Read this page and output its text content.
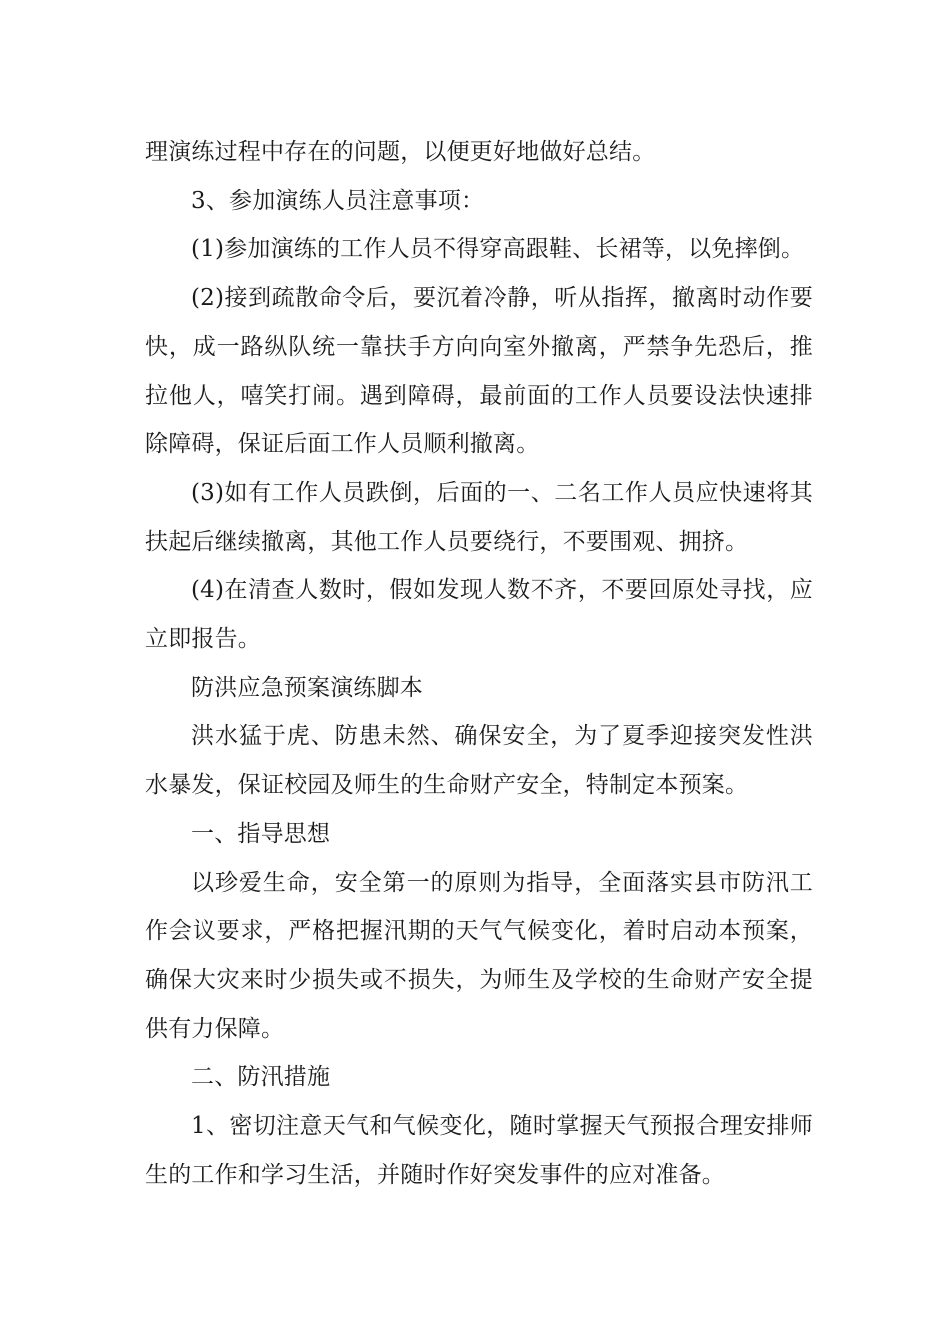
理演练过程中存在的问题，以便更好地做好总结。

3、参加演练人员注意事项：

(1)参加演练的工作人员不得穿高跟鞋、长裙等，以免摔倒。

(2)接到疏散命令后，要沉着冷静，听从指挥，撤离时动作要快，成一路纵队统一靠扶手方向向室外撤离，严禁争先恐后，推拉他人，嘻笑打闹。遇到障碍，最前面的工作人员要设法快速排除障碍，保证后面工作人员顺利撤离。

(3)如有工作人员跌倒，后面的一、二名工作人员应快速将其扶起后继续撤离，其他工作人员要绕行，不要围观、拥挤。

(4)在清查人数时，假如发现人数不齐，不要回原处寻找，应立即报告。

防洪应急预案演练脚本

洪水猛于虎、防患未然、确保安全，为了夏季迎接突发性洪水暴发，保证校园及师生的生命财产安全，特制定本预案。

一、指导思想

以珍爱生命，安全第一的原则为指导，全面落实县市防汛工作会议要求，严格把握汛期的天气气候变化，着时启动本预案，确保大灾来时少损失或不损失，为师生及学校的生命财产安全提供有力保障。

二、防汛措施

1、密切注意天气和气候变化，随时掌握天气预报合理安排师生的工作和学习生活，并随时作好突发事件的应对准备。
